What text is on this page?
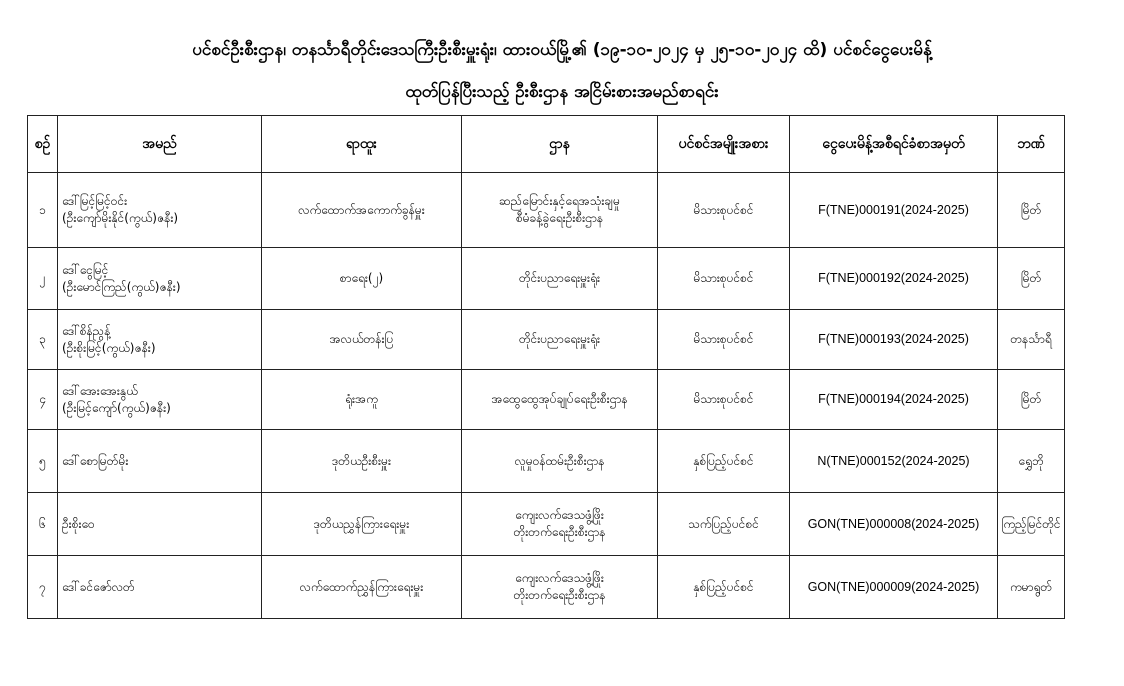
ပင်စင်ဦးစီးဌာန၊ တနင်္သာရီတိုင်းဒေသကြီးဦးစီးမှူးရုံး၊ ထားဝယ်မြို့၏ (၁၉-၁၀-၂၀၂၄ မှ ၂၅-၁၀-၂၀၂၄ ထိ) ပင်စင်ငွေပေးမိန့်
ထုတ်ပြန်ပြီးသည့် ဦးစီးဌာန အငြိမ်းစားအမည်စာရင်း
စဉ်	အမည်	ရာထူး	ဌာန	ပင်စင်အမျိုးအစား	ငွေပေးမိန့်အစီရင်ခံစာအမှတ်	ဘဏ်
၁	ဒေါ်မြင့်မြင့်ဝင်း
(ဦးကျော်မိုးနိုင်(ကွယ်)ဇနီး)	လက်ထောက်အကောက်ခွန်မှူး	ဆည်မြောင်းနှင့်ရေအသုံးချမှု
စီမံခန့်ခွဲရေးဦးစီးဌာန	မိသားစုပင်စင်	F(TNE)000191(2024-2025)	မြိတ်
၂	ဒေါ်ငွေမြင့်
(ဦးမောင်ကြည်(ကွယ်)ဇနီး)	စာရေး(၂)	တိုင်းပညာရေးမှူးရုံး	မိသားစုပင်စင်	F(TNE)000192(2024-2025)	မြိတ်
၃	ဒေါ်စိန်ညွန့်
(ဦးစိုးမြင့်(ကွယ်)ဇနီး)	အလယ်တန်းပြ	တိုင်းပညာရေးမှူးရုံး	မိသားစုပင်စင်	F(TNE)000193(2024-2025)	တနင်္သာရီ
၄	ဒေါ်အေးအေးနွယ်
(ဦးမြင့်ကျော်(ကွယ်)ဇနီး)	ရုံးအကူ	အထွေထွေအုပ်ချုပ်ရေးဦးစီးဌာန	မိသားစုပင်စင်	F(TNE)000194(2024-2025)	မြိတ်
၅	ဒေါ်စောမြတ်မိုး	ဒုတိယဦးစီးမှူး	လူမှုဝန်ထမ်းဦးစီးဌာန	နှစ်ပြည့်ပင်စင်	N(TNE)000152(2024-2025)	ရွှေဘို
၆	ဦးစိုးဝေ	ဒုတိယညွှန်ကြားရေးမှူး	ကျေးလက်ဒေသဖွံ့ဖြိုး
တိုးတက်ရေးဦးစီးဌာန	သက်ပြည့်ပင်စင်	GON(TNE)000008(2024-2025)	ကြည့်မြင်တိုင်
၇	ဒေါ်ခင်ဇော်လတ်	လက်ထောက်ညွှန်ကြားရေးမှူး	ကျေးလက်ဒေသဖွံ့ဖြိုး
တိုးတက်ရေးဦးစီးဌာန	နှစ်ပြည့်ပင်စင်	GON(TNE)000009(2024-2025)	ကမာရွတ်
